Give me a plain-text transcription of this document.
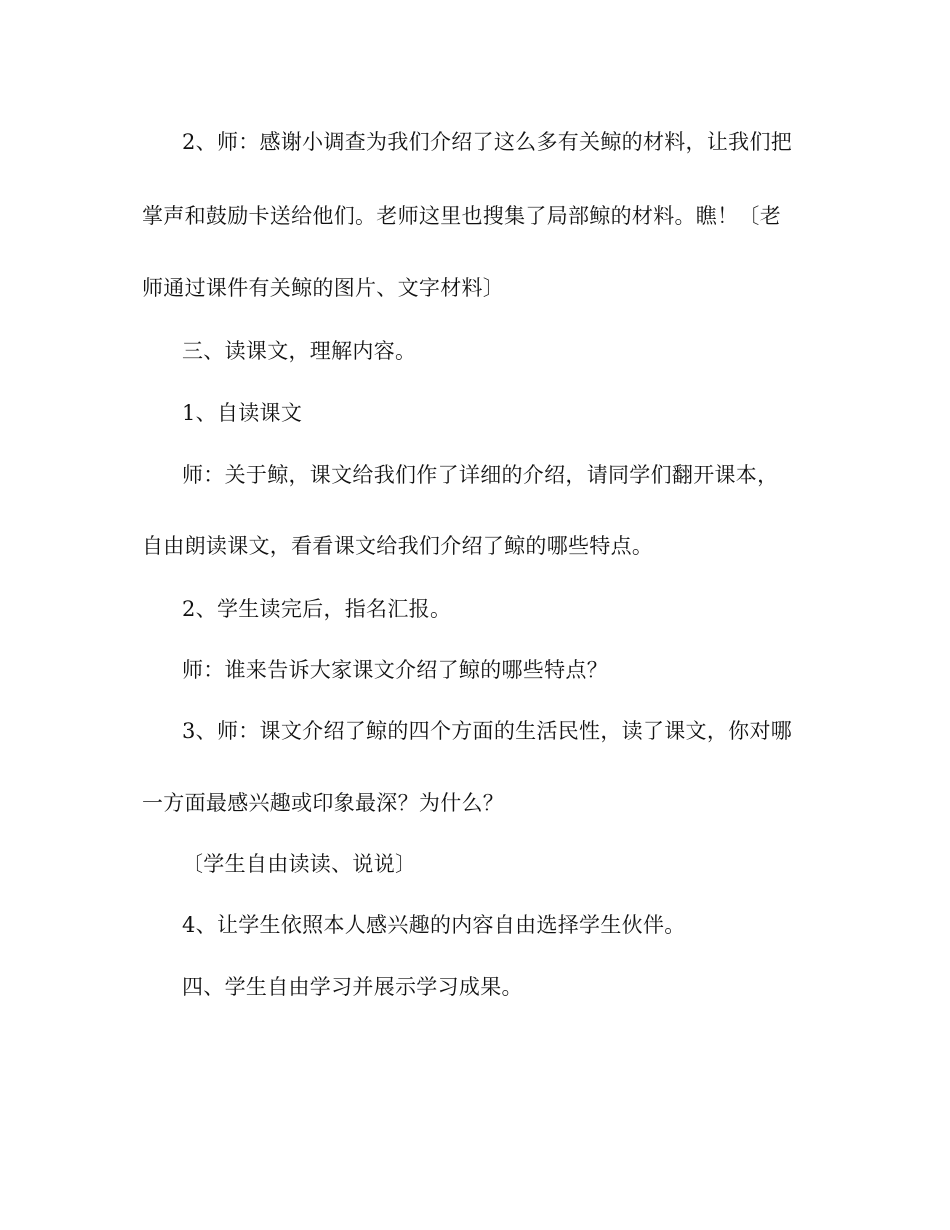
2、师：感谢小调查为我们介绍了这么多有关鲸的材料，让我们把
掌声和鼓励卡送给他们。老师这里也搜集了局部鲸的材料。瞧！〔老
师通过课件有关鲸的图片、文字材料〕
三、读课文，理解内容。
1、自读课文
师：关于鲸，课文给我们作了详细的介绍，请同学们翻开课本，
自由朗读课文，看看课文给我们介绍了鲸的哪些特点。
2、学生读完后，指名汇报。
师：谁来告诉大家课文介绍了鲸的哪些特点？
3、师：课文介绍了鲸的四个方面的生活民性，读了课文，你对哪
一方面最感兴趣或印象最深？为什么？
〔学生自由读读、说说〕
4、让学生依照本人感兴趣的内容自由选择学生伙伴。
四、学生自由学习并展示学习成果。
